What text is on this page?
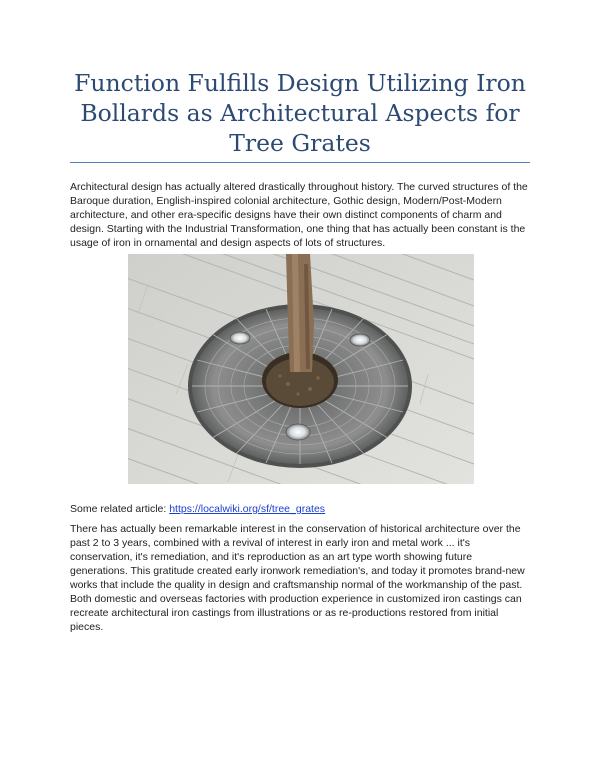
Function Fulfills Design Utilizing Iron Bollards as Architectural Aspects for Tree Grates

Architectural design has actually altered drastically throughout history. The curved structures of the Baroque duration, English-inspired colonial architecture, Gothic design, Modern/Post-Modern architecture, and other era-specific designs have their own distinct components of charm and design. Starting with the Industrial Transformation, one thing that has actually been constant is the usage of iron in ornamental and design aspects of lots of structures.

Some related article: https://localwiki.org/sf/tree_grates

There has actually been remarkable interest in the conservation of historical architecture over the past 2 to 3 years, combined with a revival of interest in early iron and metal work ... it's conservation, it's remediation, and it's reproduction as an art type worth showing future generations. This gratitude created early ironwork remediation's, and today it promotes brand-new works that include the quality in design and craftsmanship normal of the workmanship of the past. Both domestic and overseas factories with production experience in customized iron castings can recreate architectural iron castings from illustrations or as re-productions restored from initial pieces.
